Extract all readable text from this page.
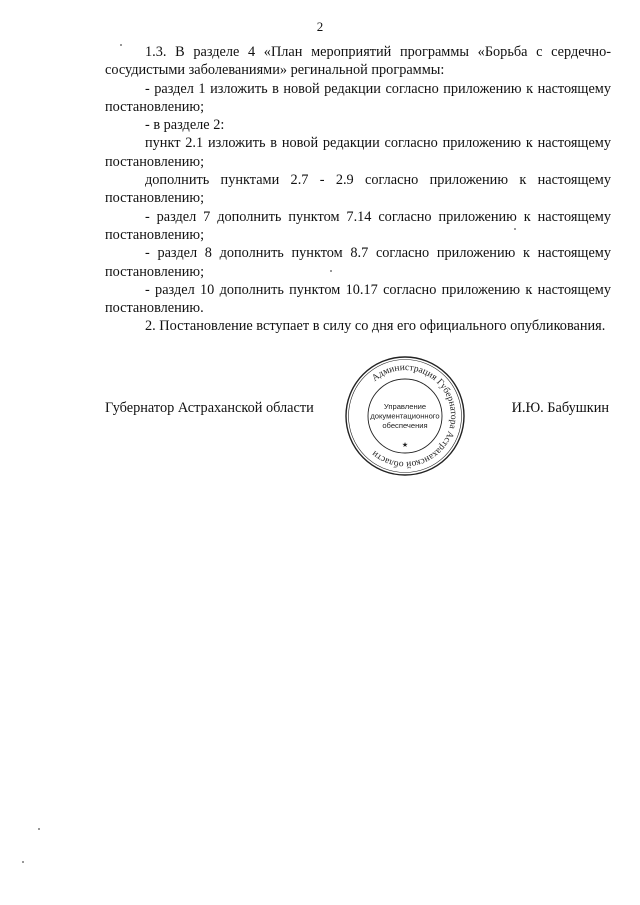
2

1.3. В разделе 4 «План мероприятий программы «Борьба с сердечно-сосудистыми заболеваниями» регинальной программы:

- раздел 1 изложить в новой редакции согласно приложению к настоящему постановлению;

- в разделе 2:

пункт 2.1 изложить в новой редакции согласно приложению к настоящему постановлению;

дополнить пунктами 2.7 - 2.9 согласно приложению к настоящему постановлению;

- раздел 7 дополнить пунктом 7.14 согласно приложению к настоящему постановлению;

- раздел 8 дополнить пунктом 8.7 согласно приложению к настоящему постановлению;

- раздел 10 дополнить пунктом 10.17 согласно приложению к настоящему постановлению.

2. Постановление вступает в силу со дня его официального опубликования.

Губернатор Астраханской области
Администрация Губернатора Астраханской области
★
Управление
документационного
обеспечения
И.Ю. Бабушкин
